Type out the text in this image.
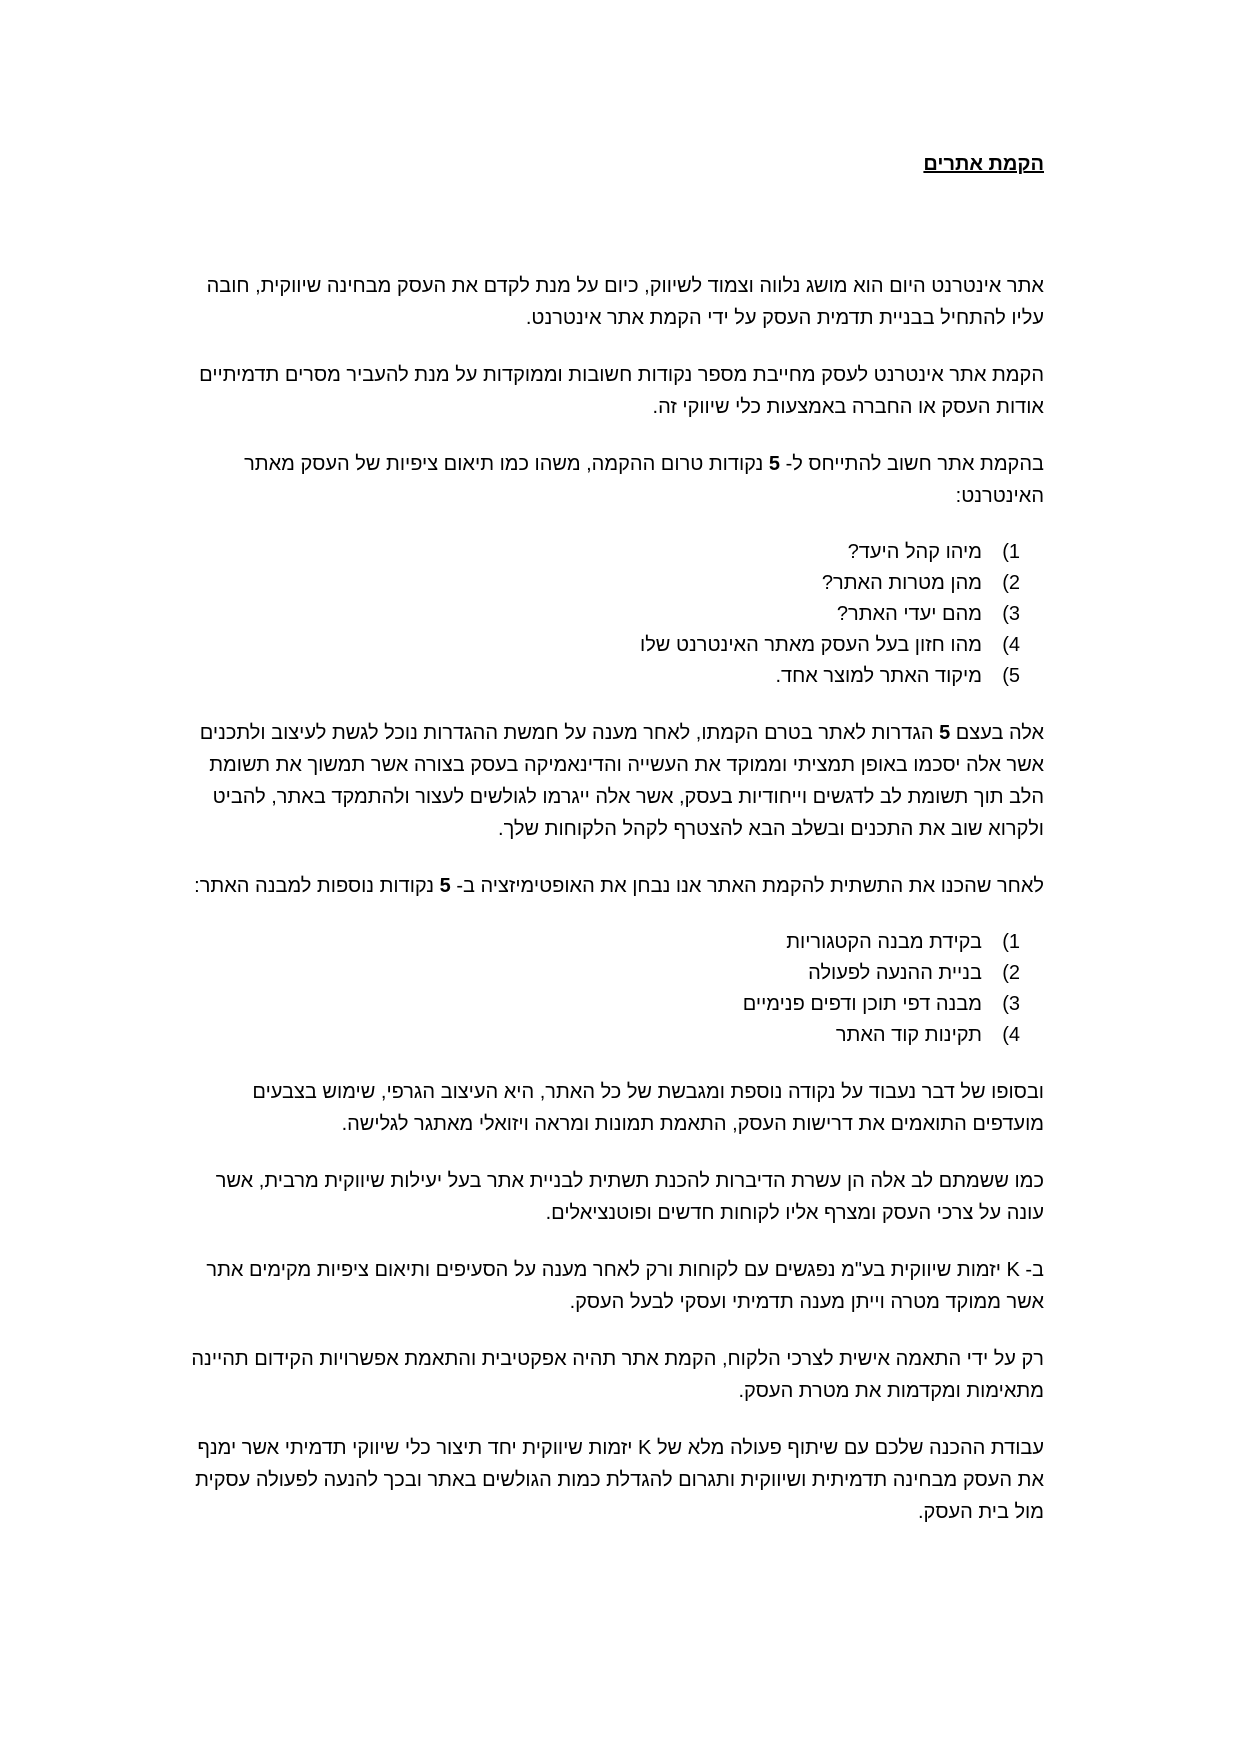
הקמת אתרים

אתר אינטרנט היום הוא מושג נלווה וצמוד לשיווק, כיום על מנת לקדם את העסק מבחינה שיווקית, חובה עליו להתחיל בבניית תדמית העסק על ידי הקמת אתר אינטרנט.

הקמת אתר אינטרנט לעסק מחייבת מספר נקודות חשובות וממוקדות על מנת להעביר מסרים תדמיתיים אודות העסק או החברה באמצעות כלי שיווקי זה.

בהקמת אתר חשוב להתייחס ל- 5 נקודות טרום ההקמה, משהו כמו תיאום ציפיות של העסק מאתר האינטרנט:

1)
מיהו קהל היעד?
2)
מהן מטרות האתר?
3)
מהם יעדי האתר?
4)
מהו חזון בעל העסק מאתר האינטרנט שלו
5)
מיקוד האתר למוצר אחד.

אלה בעצם 5 הגדרות לאתר בטרם הקמתו, לאחר מענה על חמשת ההגדרות נוכל לגשת לעיצוב ולתכנים אשר אלה יסכמו באופן תמציתי וממוקד את העשייה והדינאמיקה בעסק בצורה אשר תמשוך את תשומת הלב תוך תשומת לב לדגשים וייחודיות בעסק, אשר אלה ייגרמו לגולשים לעצור ולהתמקד באתר, להביט ולקרוא שוב את התכנים ובשלב הבא להצטרף לקהל הלקוחות שלך.

לאחר שהכנו את התשתית להקמת האתר אנו נבחן את האופטימיזציה ב- 5 נקודות נוספות למבנה האתר:

1)
בקידת מבנה הקטגוריות
2)
בניית ההנעה לפעולה
3)
מבנה דפי תוכן ודפים פנימיים
4)
תקינות קוד האתר

ובסופו של דבר נעבוד על נקודה נוספת ומגבשת של כל האתר, היא העיצוב הגרפי, שימוש בצבעים מועדפים התואמים את דרישות העסק, התאמת תמונות ומראה ויזואלי מאתגר לגלישה.

כמו ששמתם לב אלה הן עשרת הדיברות להכנת תשתית לבניית אתר בעל יעילות שיווקית מרבית, אשר עונה על צרכי העסק ומצרף אליו לקוחות חדשים ופוטנציאלים.

ב- K יזמות שיווקית בע"מ נפגשים עם לקוחות ורק לאחר מענה על הסעיפים ותיאום ציפיות מקימים אתר אשר ממוקד מטרה וייתן מענה תדמיתי ועסקי לבעל העסק.

רק על ידי התאמה אישית לצרכי הלקוח, הקמת אתר תהיה אפקטיבית והתאמת אפשרויות הקידום תהיינה מתאימות ומקדמות את מטרת העסק.

עבודת ההכנה שלכם עם שיתוף פעולה מלא של K יזמות שיווקית יחד תיצור כלי שיווקי תדמיתי אשר ימנף את העסק מבחינה תדמיתית ושיווקית ותגרום להגדלת כמות הגולשים באתר ובכך להנעה לפעולה עסקית מול בית העסק.
